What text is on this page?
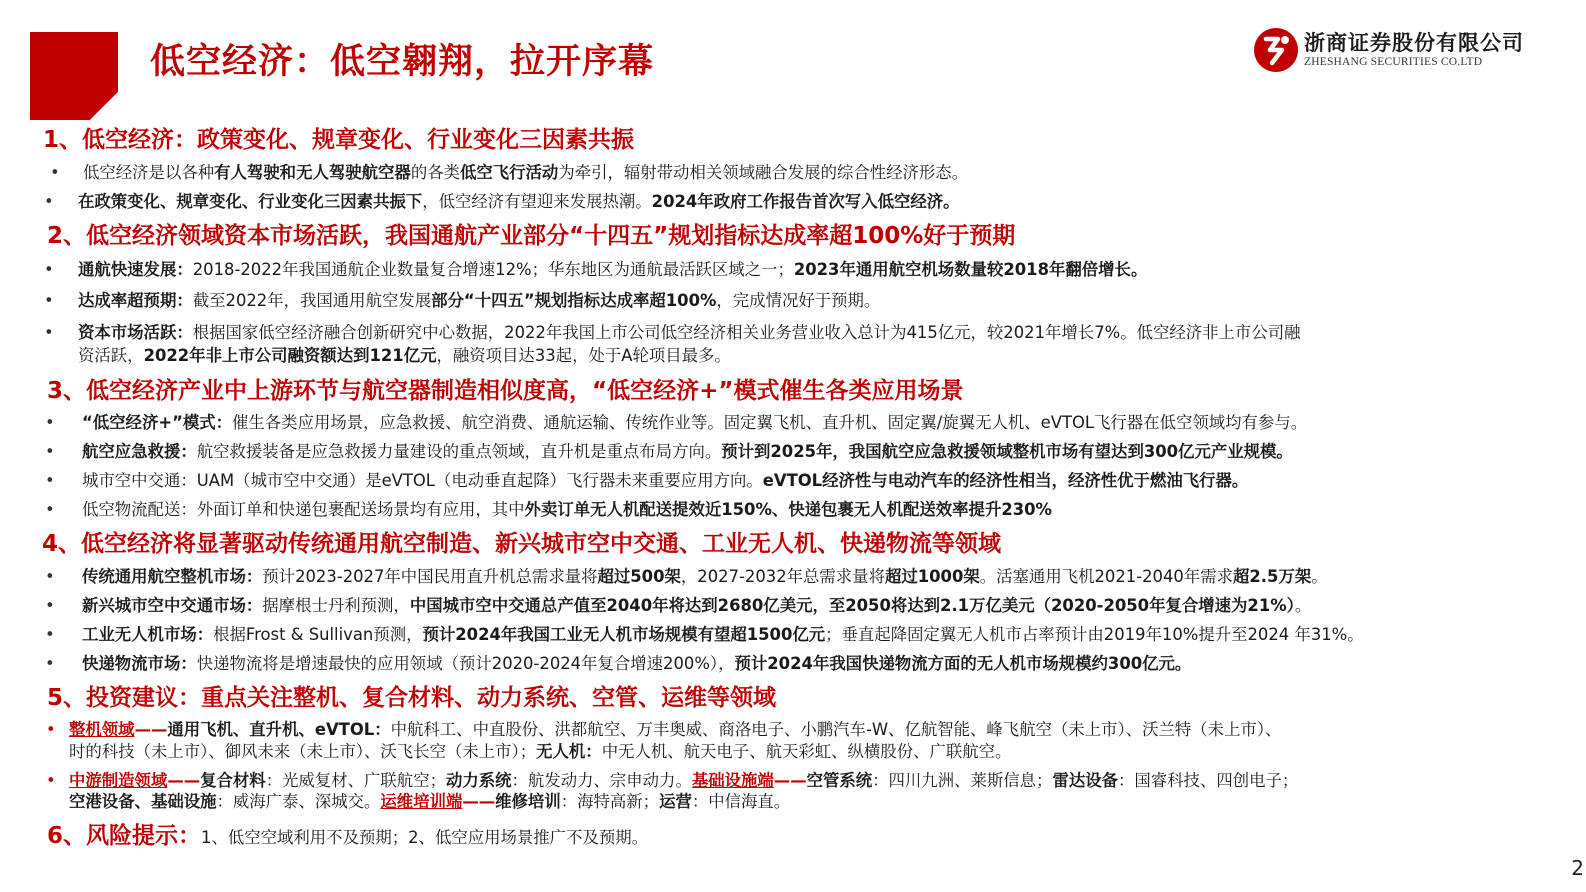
低空经济：低空翱翔，拉开序幕	浙商证券股份有限公司
ZHESHANG SECURITIES CO.LTD
1、低空经济：政策变化、规章变化、行业变化三因素共振
• 低空经济是以各种有人驾驶和无人驾驶航空器的各类低空飞行活动为牵引，辐射带动相关领域融合发展的综合性经济形态。
• 在政策变化、规章变化、行业变化三因素共振下，低空经济有望迎来发展热潮。2024年政府工作报告首次写入低空经济。
2、低空经济领域资本市场活跃，我国通航产业部分“十四五”规划指标达成率超100%好于预期
• 通航快速发展：2018-2022年我国通航企业数量复合增速12%；华东地区为通航最活跃区域之一；2023年通用航空机场数量较2018年翻倍增长。
• 达成率超预期：截至2022年，我国通用航空发展部分“十四五”规划指标达成率超100%，完成情况好于预期。
• 资本市场活跃：根据国家低空经济融合创新研究中心数据，2022年我国上市公司低空经济相关业务营业收入总计为415亿元，较2021年增长7%。低空经济非上市公司融
资活跃，2022年非上市公司融资额达到121亿元，融资项目达33起，处于A轮项目最多。
3、低空经济产业中上游环节与航空器制造相似度高，“低空经济+”模式催生各类应用场景
• “低空经济+”模式：催生各类应用场景，应急救援、航空消费、通航运输、传统作业等。固定翼飞机、直升机、固定翼/旋翼无人机、eVTOL飞行器在低空领域均有参与。
• 航空应急救援：航空救援装备是应急救援力量建设的重点领域，直升机是重点布局方向。预计到2025年，我国航空应急救援领域整机市场有望达到300亿元产业规模。
• 城市空中交通：UAM（城市空中交通）是eVTOL（电动垂直起降）飞行器未来重要应用方向。eVTOL经济性与电动汽车的经济性相当，经济性优于燃油飞行器。
• 低空物流配送：外面订单和快递包裹配送场景均有应用，其中外卖订单无人机配送提效近150%、快递包裹无人机配送效率提升230%
4、低空经济将显著驱动传统通用航空制造、新兴城市空中交通、工业无人机、快递物流等领域
• 传统通用航空整机市场：预计2023-2027年中国民用直升机总需求量将超过500架，2027-2032年总需求量将超过1000架。活塞通用飞机2021-2040年需求超2.5万架。
• 新兴城市空中交通市场：据摩根士丹利预测，中国城市空中交通总产值至2040年将达到2680亿美元，至2050将达到2.1万亿美元（2020-2050年复合增速为21%）。
• 工业无人机市场：根据Frost & Sullivan预测，预计2024年我国工业无人机市场规模有望超1500亿元；垂直起降固定翼无人机市占率预计由2019年10%提升至2024 年31%。
• 快递物流市场：快递物流将是增速最快的应用领域（预计2020-2024年复合增速200%），预计2024年我国快递物流方面的无人机市场规模约300亿元。
5、投资建议：重点关注整机、复合材料、动力系统、空管、运维等领域
• 整机领域——通用飞机、直升机、eVTOL：中航科工、中直股份、洪都航空、万丰奥威、商洛电子、小鹏汽车-W、亿航智能、峰飞航空（未上市）、沃兰特（未上市）、
时的科技（未上市）、御风未来（未上市）、沃飞长空（未上市）；无人机：中无人机、航天电子、航天彩虹、纵横股份、广联航空。
• 中游制造领域——复合材料：光威复材、广联航空；动力系统：航发动力、宗申动力。基础设施端——空管系统：四川九洲、莱斯信息；雷达设备：国睿科技、四创电子；
空港设备、基础设施：威海广泰、深城交。运维培训端——维修培训：海特高新；运营：中信海直。
6、风险提示：1、低空空域利用不及预期；2、低空应用场景推广不及预期。
2
